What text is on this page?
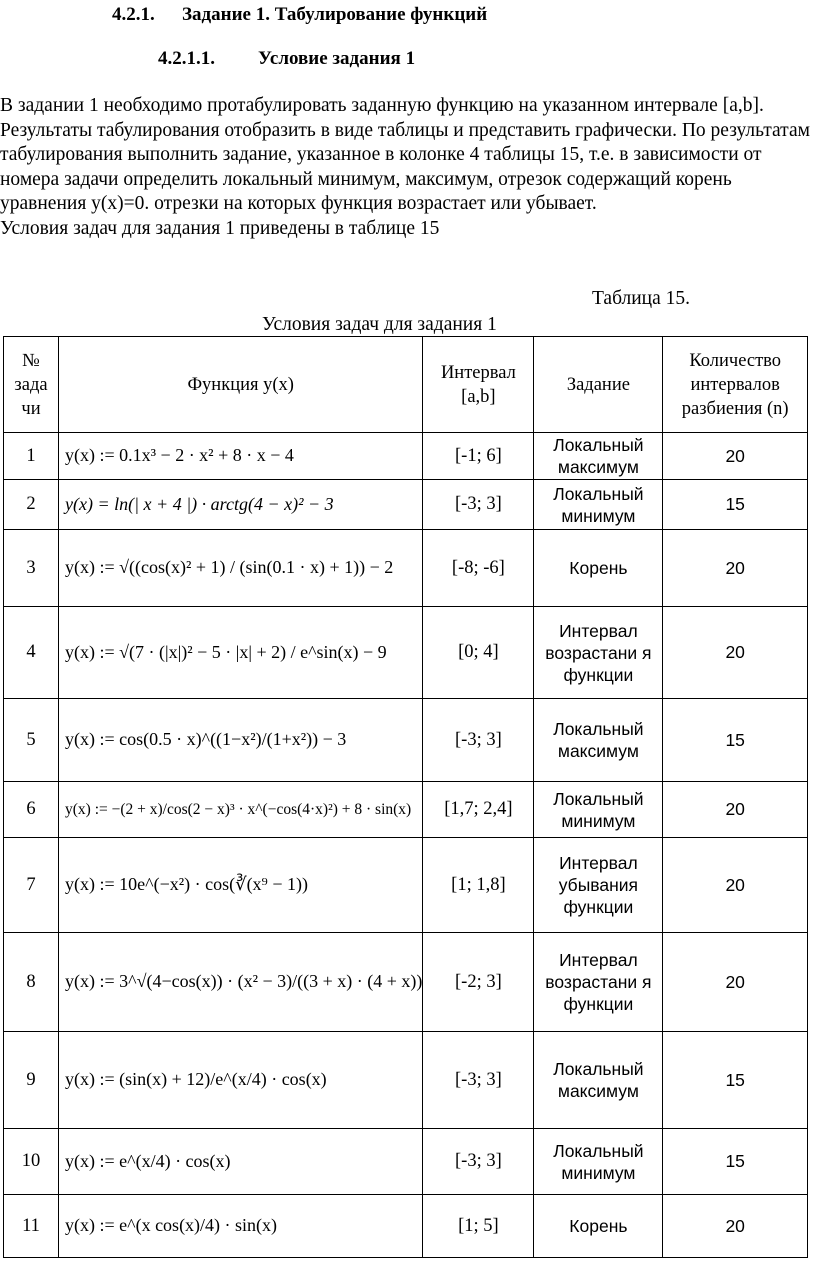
4.2.1. Задание 1. Табулирование функций
4.2.1.1. Условие задания 1

В задании 1 необходимо протабулировать заданную функцию на указанном интервале [a,b]. Результаты табулирования отобразить в виде таблицы и представить графически. По результатам табулирования выполнить задание, указанное в колонке 4 таблицы 15, т.е. в зависимости от номера задачи определить локальный минимум, максимум, отрезок содержащий корень уравнения y(x)=0. отрезки на которых функция возрастает или убывает.

Условия задач для задания 1 приведены в таблице 15

Таблица 15.
Условия задач для задания 1
№ зада чи	Функция y(x)	Интервал [a,b]	Задание	Количество интервалов разбиения (n)
1	y(x) := 0.1x³ − 2 · x² + 8 · x − 4	[-1; 6]	Локальный максимум	20
2	y(x) = ln(| x + 4 |) · arctg(4 − x)² − 3	[-3; 3]	Локальный минимум	15
3	y(x) := √((cos(x)² + 1) / (sin(0.1 · x) + 1)) − 2	[-8; -6]	Корень	20
4	y(x) := √(7 · (|x|)² − 5 · |x| + 2) / e^sin(x) − 9	[0; 4]	Интервал возрастани я функции	20
5	y(x) := cos(0.5 · x)^((1−x²)/(1+x²)) − 3	[-3; 3]	Локальный максимум	15
6	y(x) := −(2 + x)/cos(2 − x)³ · x^(−cos(4·x)²) + 8 · sin(x)	[1,7; 2,4]	Локальный минимум	20
7	y(x) := 10e^(−x²) · cos(∛(x⁹ − 1))	[1; 1,8]	Интервал убывания функции	20
8	y(x) := 3^√(4−cos(x)) · (x² − 3)/((3 + x) · (4 + x))	[-2; 3]	Интервал возрастани я функции	20
9	y(x) := (sin(x) + 12)/e^(x/4) · cos(x)	[-3; 3]	Локальный максимум	15
10	y(x) := e^(x/4) · cos(x)	[-3; 3]	Локальный минимум	15
11	y(x) := e^(x cos(x)/4) · sin(x)	[1; 5]	Корень	20
